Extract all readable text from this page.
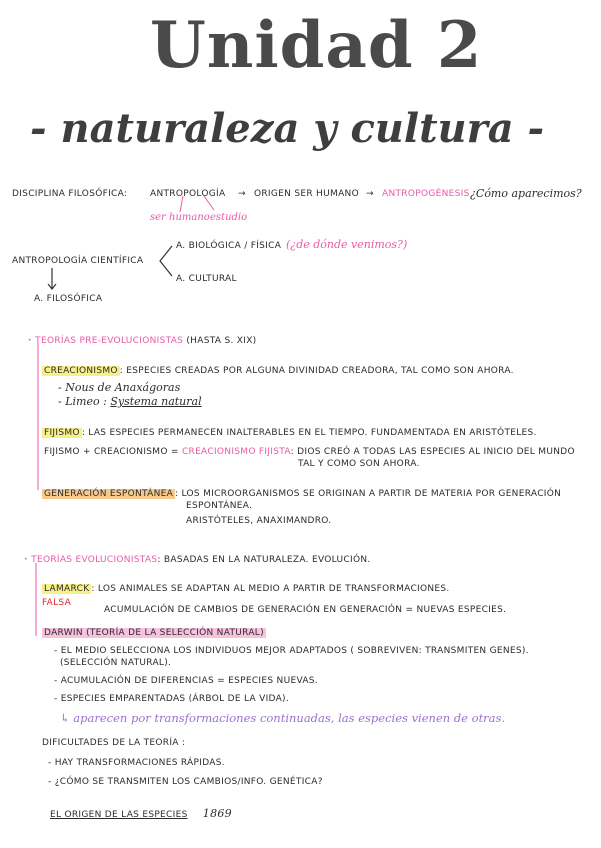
Unidad 2
- naturaleza y cultura -
DISCIPLINA FILOSÓFICA:	ANTROPOLOGÍA → ORIGEN SER HUMANO → ANTROPOGÉNESIS ¿Cómo aparecimos?
ser humano estudio
ANTROPOLOGÍA CIENTÍFICA
A. BIOLÓGICA / FÍSICA (¿de dónde venimos?)
A. CULTURAL
A. FILOSÓFICA
· TEORÍAS PRE-EVOLUCIONISTAS (HASTA S. XIX)
CREACIONISMO : ESPECIES CREADAS POR ALGUNA DIVINIDAD CREADORA, TAL COMO SON AHORA.
- Nous de Anaxágoras
- Limeo : Systema natural
FIJISMO : LAS ESPECIES PERMANECEN INALTERABLES EN EL TIEMPO. FUNDAMENTADA EN ARISTÓTELES.
FIJISMO + CREACIONISMO = CREACIONISMO FIJISTA: DIOS CREÓ A TODAS LAS ESPECIES AL INICIO DEL MUNDO
TAL Y COMO SON AHORA.
GENERACIÓN ESPONTÁNEA : LOS MICROORGANISMOS SE ORIGINAN A PARTIR DE MATERIA POR GENERACIÓN
ESPONTÁNEA.
ARISTÓTELES, ANAXIMANDRO.
· TEORÍAS EVOLUCIONISTAS: BASADAS EN LA NATURALEZA. EVOLUCIÓN.
LAMARCK : LOS ANIMALES SE ADAPTAN AL MEDIO A PARTIR DE TRANSFORMACIONES.
FALSA
ACUMULACIÓN DE CAMBIOS DE GENERACIÓN EN GENERACIÓN = NUEVAS ESPECIES.
DARWIN (TEORÍA DE LA SELECCIÓN NATURAL)
- EL MEDIO SELECCIONA LOS INDIVIDUOS MEJOR ADAPTADOS ( SOBREVIVEN: TRANSMITEN GENES).
(SELECCIÓN NATURAL).
- ACUMULACIÓN DE DIFERENCIAS = ESPECIES NUEVAS.
- ESPECIES EMPARENTADAS (ÁRBOL DE LA VIDA).
↳ aparecen por transformaciones continuadas, las especies vienen de otras.
DIFICULTADES DE LA TEORÍA :
- HAY TRANSFORMACIONES RÁPIDAS.
- ¿CÓMO SE TRANSMITEN LOS CAMBIOS/INFO. GENÉTICA?
EL ORIGEN DE LAS ESPECIES 1869
